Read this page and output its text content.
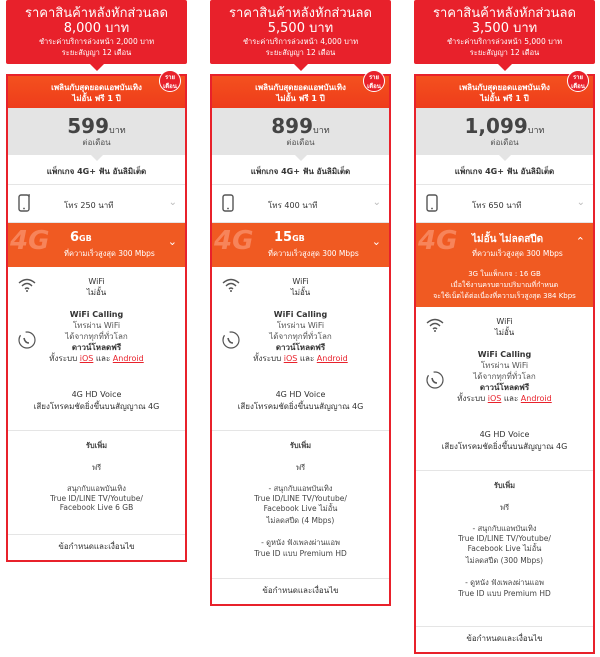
ราคาสินค้าหลังหักส่วนลด
8,000 บาท
ชำระค่าบริการล่วงหน้า 2,000 บาท
ระยะสัญญา 12 เดือน
เพลินกับสุดยอดแอพบันเทิง
ไม่อั้น ฟรี 1 ปี
ราย
เดือน
599บาท
ต่อเดือน
แพ็กเกจ 4G+ ฟัน อันลิมิเต็ด
โทร 250 นาที	⌄
4G 6GB
ที่ความเร็วสูงสุด 300 Mbps
⌄
WiFi
ไม่อั้น
WiFi Calling
โทรผ่าน WiFi
ได้จากทุกที่ทั่วโลก
ดาวน์โหลดฟรี
ทั้งระบบ iOS และ Android
4G HD Voice
เสียงโทรคมชัดยิ่งขึ้นบนสัญญาณ 4G
รับเพิ่ม
ฟรี
สนุกกับแอพบันเทิง
True ID/LINE TV/Youtube/
Facebook Live 6 GB
ข้อกำหนดและเงื่อนไข
ราคาสินค้าหลังหักส่วนลด
5,500 บาท
ชำระค่าบริการล่วงหน้า 4,000 บาท
ระยะสัญญา 12 เดือน
เพลินกับสุดยอดแอพบันเทิง
ไม่อั้น ฟรี 1 ปี
ราย
เดือน
899บาท
ต่อเดือน
แพ็กเกจ 4G+ ฟัน อันลิมิเต็ด
โทร 400 นาที	⌄
4G 15GB
ที่ความเร็วสูงสุด 300 Mbps
⌄
WiFi
ไม่อั้น
WiFi Calling
โทรผ่าน WiFi
ได้จากทุกที่ทั่วโลก
ดาวน์โหลดฟรี
ทั้งระบบ iOS และ Android
4G HD Voice
เสียงโทรคมชัดยิ่งขึ้นบนสัญญาณ 4G
รับเพิ่ม
ฟรี
- สนุกกับแอพบันเทิง
True ID/LINE TV/Youtube/
Facebook Live ไม่อั้น
ไม่ลดสปีด (4 Mbps)
- ดูหนัง ฟังเพลงผ่านแอพ
True ID แบบ Premium HD
ข้อกำหนดและเงื่อนไข
ราคาสินค้าหลังหักส่วนลด
3,500 บาท
ชำระค่าบริการล่วงหน้า 5,000 บาท
ระยะสัญญา 12 เดือน
เพลินกับสุดยอดแอพบันเทิง
ไม่อั้น ฟรี 1 ปี
ราย
เดือน
1,099บาท
ต่อเดือน
แพ็กเกจ 4G+ ฟัน อันลิมิเต็ด
โทร 650 นาที	⌄
4G ไม่อั้น ไม่ลดสปีด
ที่ความเร็วสูงสุด 300 Mbps
⌃
3G ในแพ็กเกจ : 16 GB
เมื่อใช้งานครบตามปริมาณที่กำหนด
จะใช้เน็ตได้ต่อเนื่องที่ความเร็วสูงสุด 384 Kbps
WiFi
ไม่อั้น
WiFi Calling
โทรผ่าน WiFi
ได้จากทุกที่ทั่วโลก
ดาวน์โหลดฟรี
ทั้งระบบ iOS และ Android
4G HD Voice
เสียงโทรคมชัดยิ่งขึ้นบนสัญญาณ 4G
รับเพิ่ม
ฟรี
- สนุกกับแอพบันเทิง
True ID/LINE TV/Youtube/
Facebook Live ไม่อั้น
ไม่ลดสปีด (300 Mbps)
- ดูหนัง ฟังเพลงผ่านแอพ
True ID แบบ Premium HD
ข้อกำหนดและเงื่อนไข
